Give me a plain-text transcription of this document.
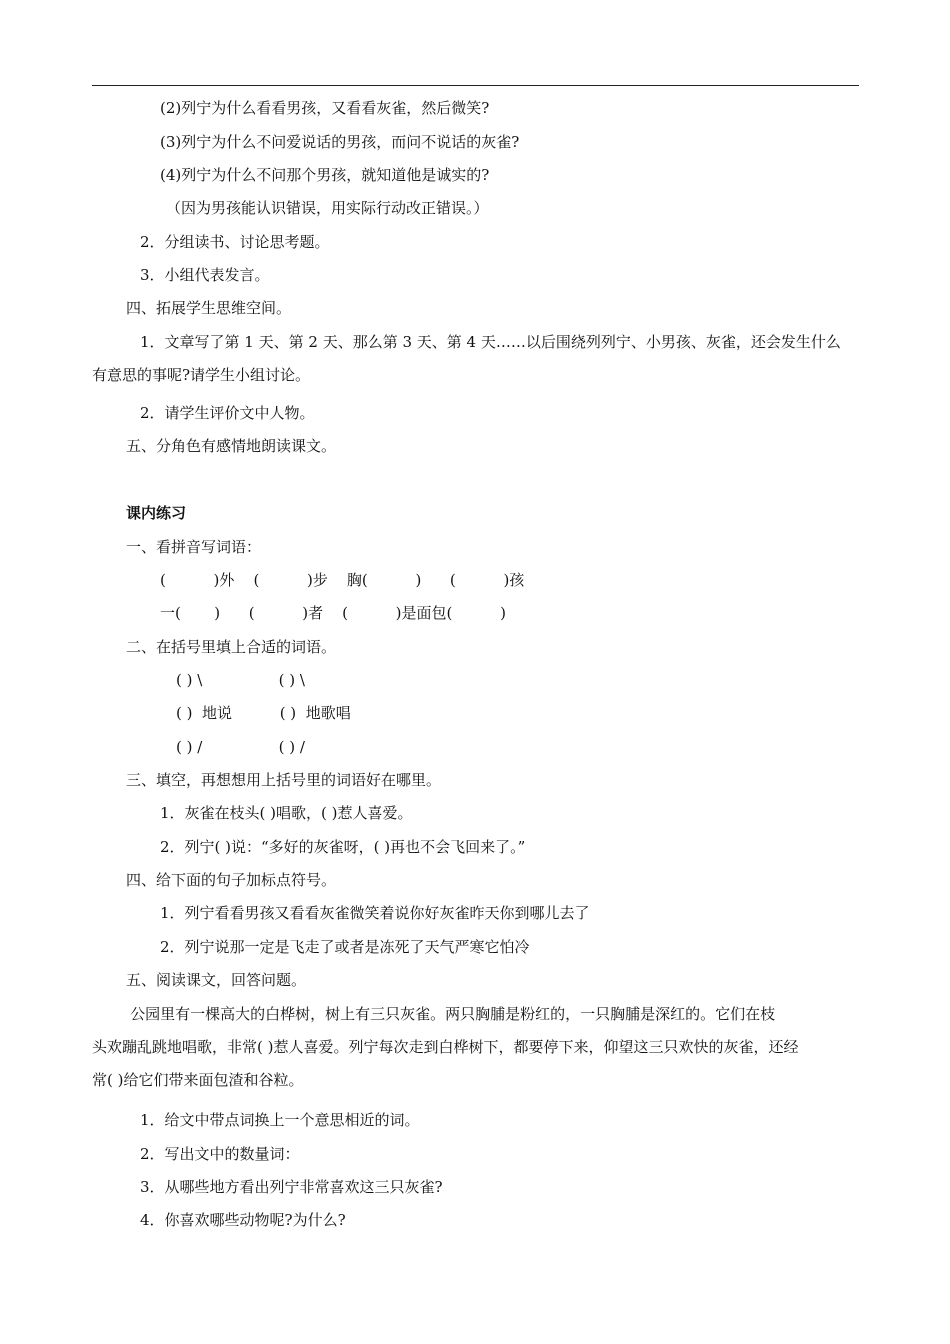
(2)列宁为什么看看男孩，又看看灰雀，然后微笑?
(3)列宁为什么不问爱说话的男孩，而问不说话的灰雀?
(4)列宁为什么不问那个男孩，就知道他是诚实的?
（因为男孩能认识错误，用实际行动改正错误。）
2．分组读书、讨论思考题。
3．小组代表发言。
四、拓展学生思维空间。
1．文章写了第 1 天、第 2 天、那么第 3 天、第 4 天……以后围绕列列宁、小男孩、灰雀，还会发生什么
有意思的事呢?请学生小组讨论。
2．请学生评价文中人物。
五、分角色有感情地朗读课文。
课内练习
一、看拼音写词语：
(          )外    (          )步    胸(          )      (          )孩
一(       )      (          )者    (          )是面包(          )
二、在括号里填上合适的词语。
( ) \                ( ) \
( )  地说          ( )  地歌唱
( ) /                ( ) /
三、填空，再想想用上括号里的词语好在哪里。
1．灰雀在枝头( )唱歌，( )惹人喜爱。
2．列宁( )说：“多好的灰雀呀，( )再也不会飞回来了。”
四、给下面的句子加标点符号。
1．列宁看看男孩又看看灰雀微笑着说你好灰雀昨天你到哪儿去了
2．列宁说那一定是飞走了或者是冻死了天气严寒它怕冷
五、阅读课文，回答问题。
公园里有一棵高大的白桦树，树上有三只灰雀。两只胸脯是粉红的，一只胸脯是深红的。它们在枝
头欢蹦乱跳地唱歌，非常( )惹人喜爱。列宁每次走到白桦树下，都要停下来，仰望这三只欢快的灰雀，还经
常( )给它们带来面包渣和谷粒。
1．给文中带点词换上一个意思相近的词。
2．写出文中的数量词：
3．从哪些地方看出列宁非常喜欢这三只灰雀?
4．你喜欢哪些动物呢?为什么?
